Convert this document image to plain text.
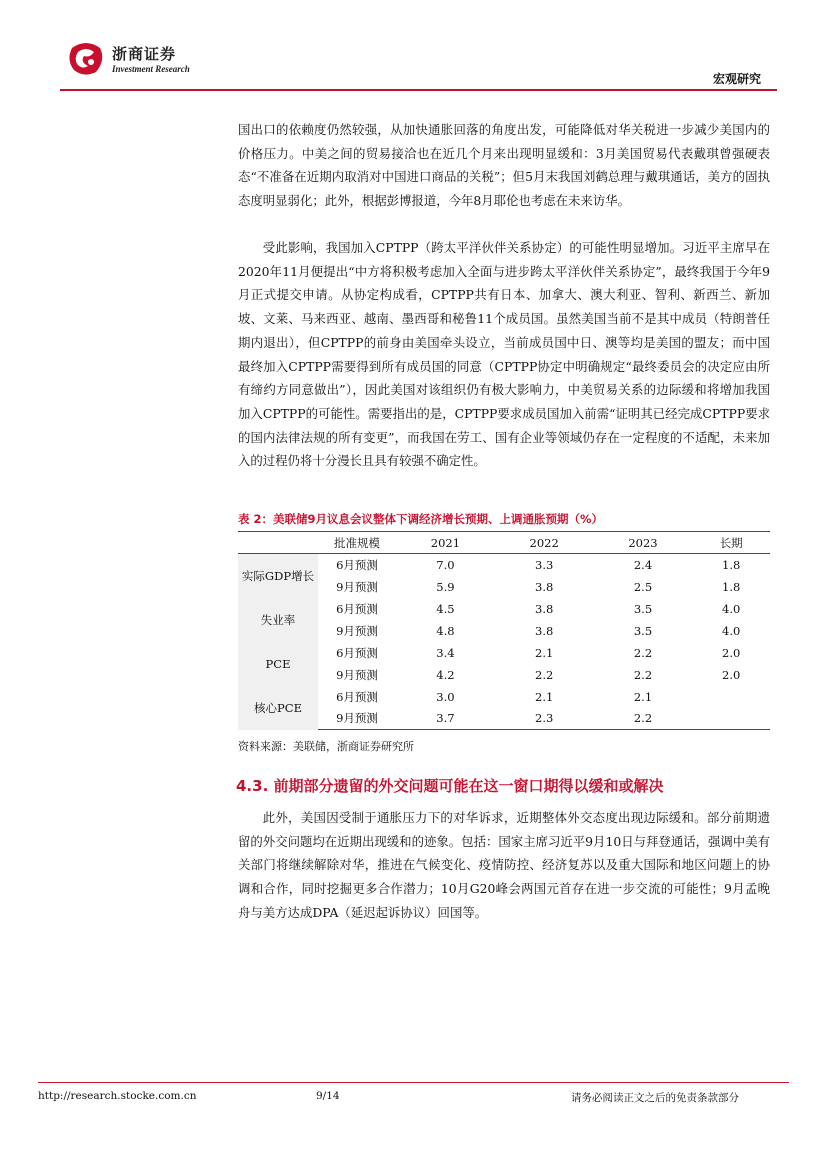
浙商证券
Investment Research
宏观研究

国出口的依赖度仍然较强，从加快通胀回落的角度出发，可能降低对华关税进一步减少美国内的价格压力。中美之间的贸易接洽也在近几个月来出现明显缓和：3月美国贸易代表戴琪曾强硬表态“不准备在近期内取消对中国进口商品的关税”；但5月末我国刘鹤总理与戴琪通话，美方的固执态度明显弱化；此外，根据彭博报道，今年8月耶伦也考虑在未来访华。

受此影响，我国加入CPTPP（跨太平洋伙伴关系协定）的可能性明显增加。习近平主席早在2020年11月便提出“中方将积极考虑加入全面与进步跨太平洋伙伴关系协定”，最终我国于今年9月正式提交申请。从协定构成看，CPTPP共有日本、加拿大、澳大利亚、智利、新西兰、新加坡、文莱、马来西亚、越南、墨西哥和秘鲁11个成员国。虽然美国当前不是其中成员（特朗普任期内退出），但CPTPP的前身由美国牵头设立，当前成员国中日、澳等均是美国的盟友；而中国最终加入CPTPP需要得到所有成员国的同意（CPTPP协定中明确规定“最终委员会的决定应由所有缔约方同意做出”），因此美国对该组织仍有极大影响力，中美贸易关系的边际缓和将增加我国加入CPTPP的可能性。需要指出的是，CPTPP要求成员国加入前需“证明其已经完成CPTPP要求的国内法律法规的所有变更”，而我国在劳工、国有企业等领域仍存在一定程度的不适配，未来加入的过程仍将十分漫长且具有较强不确定性。

表 2：美联储9月议息会议整体下调经济增长预期、上调通胀预期（%）
	批准规模	2021	2022	2023	长期
实际GDP增长	6月预测	7.0	3.3	2.4	1.8
	9月预测	5.9	3.8	2.5	1.8
失业率	6月预测	4.5	3.8	3.5	4.0
	9月预测	4.8	3.8	3.5	4.0
PCE	6月预测	3.4	2.1	2.2	2.0
	9月预测	4.2	2.2	2.2	2.0
核心PCE	6月预测	3.0	2.1	2.1	
	9月预测	3.7	2.3	2.2	
资料来源：美联储，浙商证券研究所
4.3. 前期部分遗留的外交问题可能在这一窗口期得以缓和或解决

此外，美国因受制于通胀压力下的对华诉求，近期整体外交态度出现边际缓和。部分前期遗留的外交问题均在近期出现缓和的迹象。包括：国家主席习近平9月10日与拜登通话，强调中美有关部门将继续解除对华，推进在气候变化、疫情防控、经济复苏以及重大国际和地区问题上的协调和合作，同时挖掘更多合作潜力；10月G20峰会两国元首存在进一步交流的可能性；9月孟晚舟与美方达成DPA（延迟起诉协议）回国等。

http://research.stocke.com.cn	9/14	请务必阅读正文之后的免责条款部分
